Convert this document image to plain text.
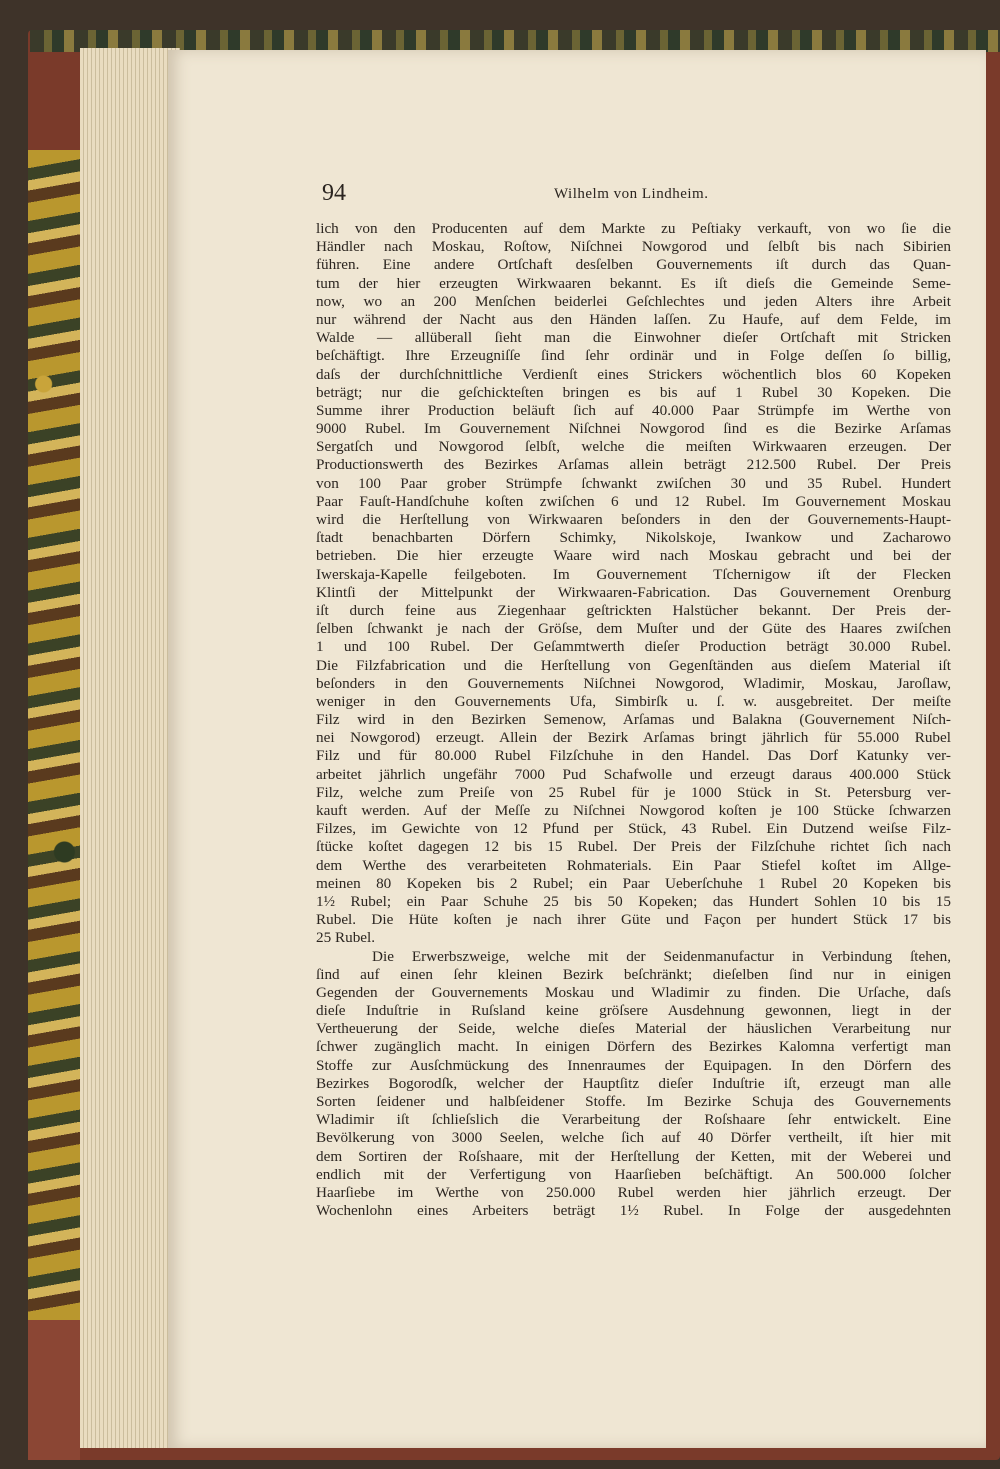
94	Wilhelm von Lindheim.
lich von den Producenten auf dem Markte zu Peſtiaky verkauft, von wo ſie die
Händler nach Moskau, Roſtow, Niſchnei Nowgorod und ſelbſt bis nach Sibirien
führen. Eine andere Ortſchaft desſelben Gouvernements iſt durch das Quan-
tum der hier erzeugten Wirkwaaren bekannt. Es iſt dieſs die Gemeinde Seme-
now, wo an 200 Menſchen beiderlei Geſchlechtes und jeden Alters ihre Arbeit
nur während der Nacht aus den Händen laſſen. Zu Haufe, auf dem Felde, im
Walde — allüberall ſieht man die Einwohner dieſer Ortſchaft mit Stricken
beſchäftigt. Ihre Erzeugniſſe ſind ſehr ordinär und in Folge deſſen ſo billig,
daſs der durchſchnittliche Verdienſt eines Strickers wöchentlich blos 60 Kopeken
beträgt; nur die geſchickteſten bringen es bis auf 1 Rubel 30 Kopeken. Die
Summe ihrer Production beläuft ſich auf 40.000 Paar Strümpfe im Werthe von
9000 Rubel. Im Gouvernement Niſchnei Nowgorod ſind es die Bezirke Arſamas
Sergatſch und Nowgorod ſelbſt, welche die meiſten Wirkwaaren erzeugen. Der
Productionswerth des Bezirkes Arſamas allein beträgt 212.500 Rubel. Der Preis
von 100 Paar grober Strümpfe ſchwankt zwiſchen 30 und 35 Rubel. Hundert
Paar Fauſt-Handſchuhe koſten zwiſchen 6 und 12 Rubel. Im Gouvernement Moskau
wird die Herſtellung von Wirkwaaren beſonders in den der Gouvernements-Haupt-
ſtadt benachbarten Dörfern Schimky, Nikolskoje, Iwankow und Zacharowo
betrieben. Die hier erzeugte Waare wird nach Moskau gebracht und bei der
Iwerskaja-Kapelle feilgeboten. Im Gouvernement Tſchernigow iſt der Flecken
Klintſi der Mittelpunkt der Wirkwaaren-Fabrication. Das Gouvernement Orenburg
iſt durch feine aus Ziegenhaar geſtrickten Halstücher bekannt. Der Preis der-
ſelben ſchwankt je nach der Gröſse, dem Muſter und der Güte des Haares zwiſchen
1 und 100 Rubel. Der Geſammtwerth dieſer Production beträgt 30.000 Rubel.
Die Filzfabrication und die Herſtellung von Gegenſtänden aus dieſem Material iſt
beſonders in den Gouvernements Niſchnei Nowgorod, Wladimir, Moskau, Jaroſlaw,
weniger in den Gouvernements Ufa, Simbirſk u. ſ. w. ausgebreitet. Der meiſte
Filz wird in den Bezirken Semenow, Arſamas und Balakna (Gouvernement Niſch-
nei Nowgorod) erzeugt. Allein der Bezirk Arſamas bringt jährlich für 55.000 Rubel
Filz und für 80.000 Rubel Filzſchuhe in den Handel. Das Dorf Katunky ver-
arbeitet jährlich ungefähr 7000 Pud Schafwolle und erzeugt daraus 400.000 Stück
Filz, welche zum Preiſe von 25 Rubel für je 1000 Stück in St. Petersburg ver-
kauft werden. Auf der Meſſe zu Niſchnei Nowgorod koſten je 100 Stücke ſchwarzen
Filzes, im Gewichte von 12 Pfund per Stück, 43 Rubel. Ein Dutzend weiſse Filz-
ſtücke koſtet dagegen 12 bis 15 Rubel. Der Preis der Filzſchuhe richtet ſich nach
dem Werthe des verarbeiteten Rohmaterials. Ein Paar Stiefel koſtet im Allge-
meinen 80 Kopeken bis 2 Rubel; ein Paar Ueberſchuhe 1 Rubel 20 Kopeken bis
1½ Rubel; ein Paar Schuhe 25 bis 50 Kopeken; das Hundert Sohlen 10 bis 15
Rubel. Die Hüte koſten je nach ihrer Güte und Façon per hundert Stück 17 bis
25 Rubel.
Die Erwerbszweige, welche mit der Seidenmanufactur in Verbindung ſtehen,
ſind auf einen ſehr kleinen Bezirk beſchränkt; dieſelben ſind nur in einigen
Gegenden der Gouvernements Moskau und Wladimir zu finden. Die Urſache, daſs
dieſe Induſtrie in Ruſsland keine gröſsere Ausdehnung gewonnen, liegt in der
Vertheuerung der Seide, welche dieſes Material der häuslichen Verarbeitung nur
ſchwer zugänglich macht. In einigen Dörfern des Bezirkes Kalomna verfertigt man
Stoffe zur Ausſchmückung des Innenraumes der Equipagen. In den Dörfern des
Bezirkes Bogorodſk, welcher der Hauptſitz dieſer Induſtrie iſt, erzeugt man alle
Sorten ſeidener und halbſeidener Stoffe. Im Bezirke Schuja des Gouvernements
Wladimir iſt ſchlieſslich die Verarbeitung der Roſshaare ſehr entwickelt. Eine
Bevölkerung von 3000 Seelen, welche ſich auf 40 Dörfer vertheilt, iſt hier mit
dem Sortiren der Roſshaare, mit der Herſtellung der Ketten, mit der Weberei und
endlich mit der Verfertigung von Haarſieben beſchäftigt. An 500.000 ſolcher
Haarſiebe im Werthe von 250.000 Rubel werden hier jährlich erzeugt. Der
Wochenlohn eines Arbeiters beträgt 1½ Rubel. In Folge der ausgedehnten
